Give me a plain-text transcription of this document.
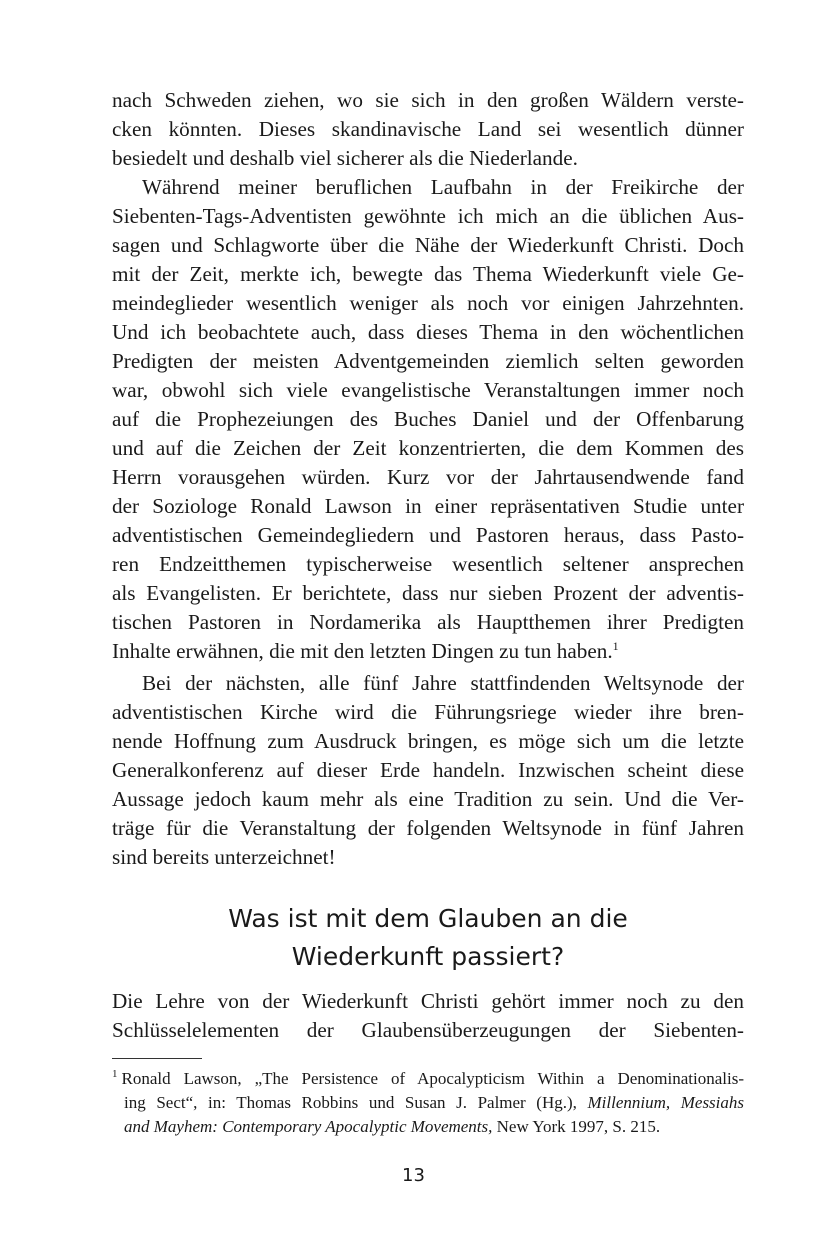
nach Schweden ziehen, wo sie sich in den großen Wäldern verste-
cken könnten. Dieses skandinavische Land sei wesentlich dünner
besiedelt und deshalb viel sicherer als die Niederlande.
Während meiner beruflichen Laufbahn in der Freikirche der
Siebenten-Tags-Adventisten gewöhnte ich mich an die üblichen Aus-
sagen und Schlagworte über die Nähe der Wiederkunft Christi. Doch
mit der Zeit, merkte ich, bewegte das Thema Wiederkunft viele Ge-
meindeglieder wesentlich weniger als noch vor einigen Jahrzehnten.
Und ich beobachtete auch, dass dieses Thema in den wöchentlichen
Predigten der meisten Adventgemeinden ziemlich selten geworden
war, obwohl sich viele evangelistische Veranstaltungen immer noch
auf die Prophezeiungen des Buches Daniel und der Offenbarung
und auf die Zeichen der Zeit konzentrierten, die dem Kommen des
Herrn vorausgehen würden. Kurz vor der Jahrtausendwende fand
der Soziologe Ronald Lawson in einer repräsentativen Studie unter
adventistischen Gemeindegliedern und Pastoren heraus, dass Pasto-
ren Endzeitthemen typischerweise wesentlich seltener ansprechen
als Evangelisten. Er berichtete, dass nur sieben Prozent der adventis-
tischen Pastoren in Nordamerika als Hauptthemen ihrer Predigten
Inhalte erwähnen, die mit den letzten Dingen zu tun haben.$^1$
Bei der nächsten, alle fünf Jahre stattfindenden Weltsynode der
adventistischen Kirche wird die Führungsriege wieder ihre bren-
nende Hoffnung zum Ausdruck bringen, es möge sich um die letzte
Generalkonferenz auf dieser Erde handeln. Inzwischen scheint diese
Aussage jedoch kaum mehr als eine Tradition zu sein. Und die Ver-
träge für die Veranstaltung der folgenden Weltsynode in fünf Jahren
sind bereits unterzeichnet!
Was ist mit dem Glauben an die
Wiederkunft passiert?
Die Lehre von der Wiederkunft Christi gehört immer noch zu den
Schlüsselelementen der Glaubensüberzeugungen der Siebenten-
$^1$ Ronald Lawson, „The Persistence of Apocalypticism Within a Denominationalis-
ing Sect“, in: Thomas Robbins und Susan J. Palmer (Hg.), Millennium, Messiahs
and Mayhem: Contemporary Apocalyptic Movements, New York 1997, S. 215.
13
